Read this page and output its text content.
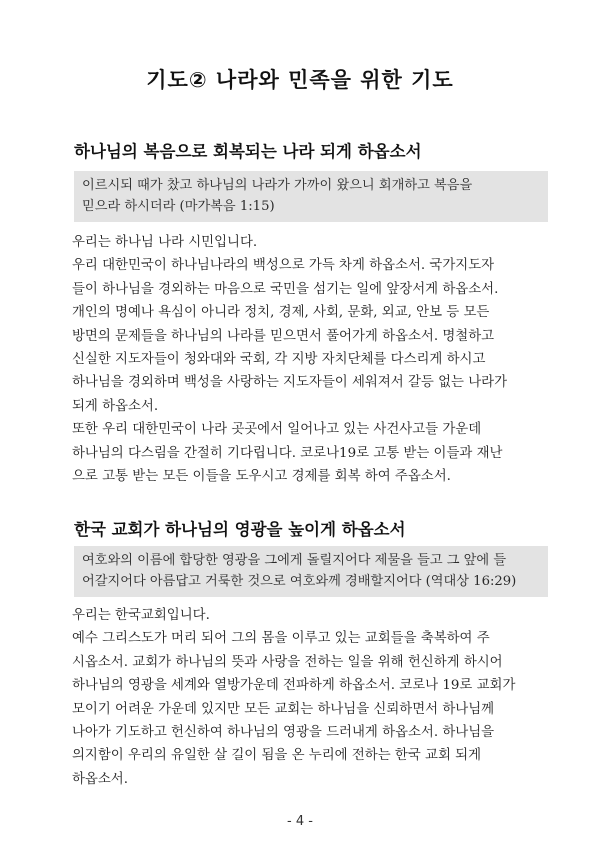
기도② 나라와 민족을 위한 기도
하나님의 복음으로 회복되는 나라 되게 하옵소서
이르시되 때가 찼고 하나님의 나라가 가까이 왔으니 회개하고 복음을
믿으라 하시더라 (마가복음 1:15)
우리는 하나님 나라 시민입니다.
우리 대한민국이 하나님나라의 백성으로 가득 차게 하옵소서. 국가지도자
들이 하나님을 경외하는 마음으로 국민을 섬기는 일에 앞장서게 하옵소서.
개인의 명예나 욕심이 아니라 정치, 경제, 사회, 문화, 외교, 안보 등 모든
방면의 문제들을 하나님의 나라를 믿으면서 풀어가게 하옵소서. 명철하고
신실한 지도자들이 청와대와 국회, 각 지방 자치단체를 다스리게 하시고
하나님을 경외하며 백성을 사랑하는 지도자들이 세워져서 갈등 없는 나라가
되게 하옵소서.
또한 우리 대한민국이 나라 곳곳에서 일어나고 있는 사건사고들 가운데
하나님의 다스림을 간절히 기다립니다. 코로나19로 고통 받는 이들과 재난
으로 고통 받는 모든 이들을 도우시고 경제를 회복 하여 주옵소서.
한국 교회가 하나님의 영광을 높이게 하옵소서
여호와의 이름에 합당한 영광을 그에게 돌릴지어다 제물을 들고 그 앞에 들
어갈지어다 아름답고 거룩한 것으로 여호와께 경배할지어다 (역대상 16:29)
우리는 한국교회입니다.
예수 그리스도가 머리 되어 그의 몸을 이루고 있는 교회들을 축복하여 주
시옵소서. 교회가 하나님의 뜻과 사랑을 전하는 일을 위해 헌신하게 하시어
하나님의 영광을 세계와 열방가운데 전파하게 하옵소서. 코로나 19로 교회가
모이기 어려운 가운데 있지만 모든 교회는 하나님을 신뢰하면서 하나님께
나아가 기도하고 헌신하여 하나님의 영광을 드러내게 하옵소서. 하나님을
의지함이 우리의 유일한 살 길이 됨을 온 누리에 전하는 한국 교회 되게
하옵소서.
- 4 -
